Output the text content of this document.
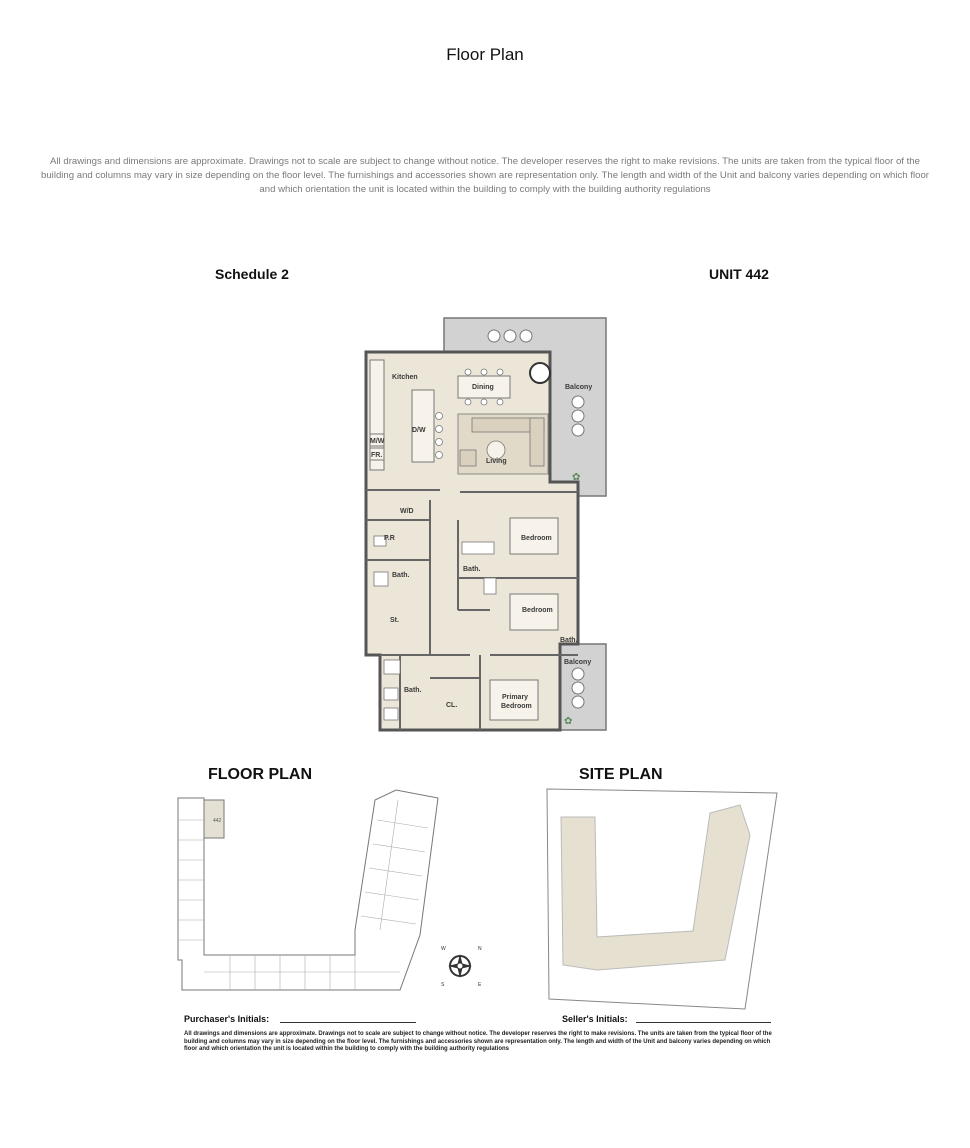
Floor Plan
All drawings and dimensions are approximate. Drawings not to scale are subject to change without notice. The developer reserves the right to make revisions. The units are taken from the typical floor of the building and columns may vary in size depending on the floor level. The furnishings and accessories shown are representation only. The length and width of the Unit and balcony varies depending on which floor and which orientation the unit is located within the building to comply with the building authority regulations
Schedule 2	UNIT 442
✿
✿
Kitchen
Dining
Living
D/W
M/W
FR.
W/D
P.R
Bath.
Bath.
Bath.
Bath.
St.
Bedroom
Bedroom
Primary
Bedroom
CL.
Balcony
Balcony
FLOOR PLAN	SITE PLAN
442
N
E
S
W
Purchaser's Initials:	Seller's Initials:
All drawings and dimensions are approximate. Drawings not to scale are subject to change without notice. The developer reserves the right to make revisions. The units are taken from the typical floor of the building and columns may vary in size depending on the floor level. The furnishings and accessories shown are representation only. The length and width of the Unit and balcony varies depending on which floor and which orientation the unit is located within the building to comply with the building authority regulations
